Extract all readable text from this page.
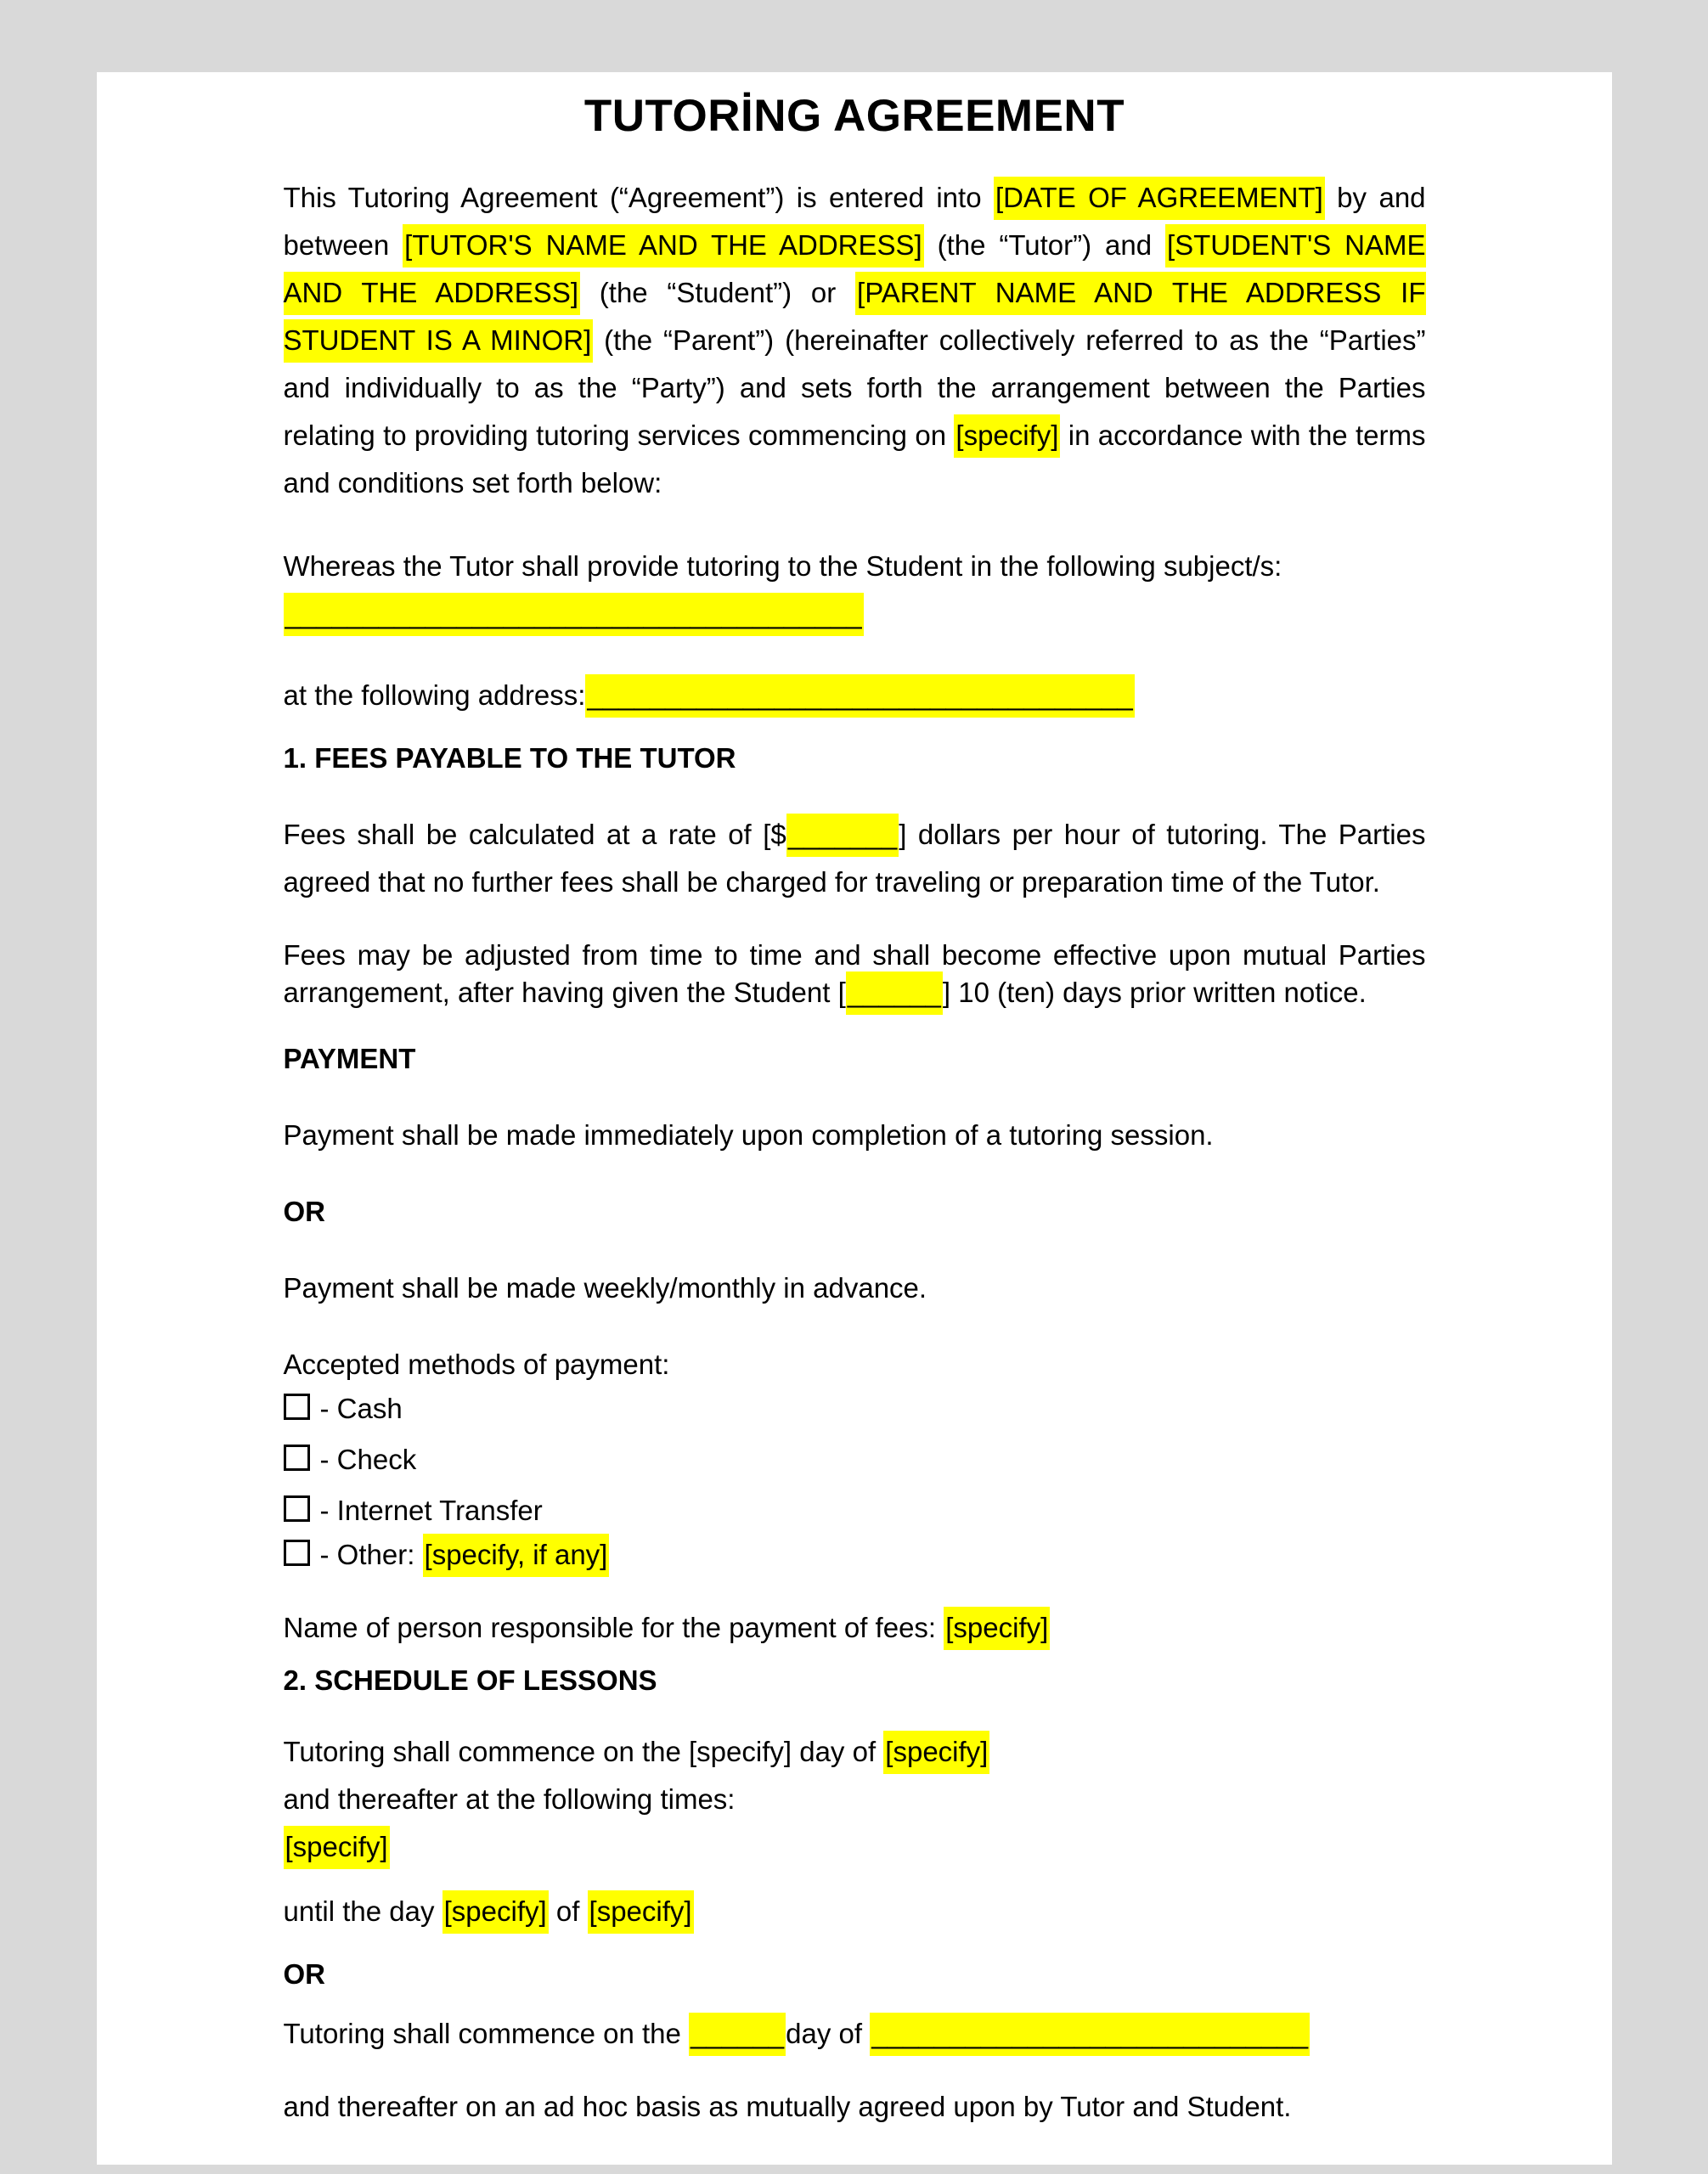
TUTORİNG AGREEMENT

This Tutoring Agreement (“Agreement”) is entered into [DATE OF AGREEMENT] by and between [TUTOR'S NAME AND THE ADDRESS] (the “Tutor”) and [STUDENT'S NAME AND THE ADDRESS] (the “Student”) or [PARENT NAME AND THE ADDRESS IF STUDENT IS A MINOR] (the “Parent”) (hereinafter collectively referred to as the “Parties” and individually to as the “Party”) and sets forth the arrangement between the Parties relating to providing tutoring services commencing on [specify] in accordance with the terms and conditions set forth below:

Whereas the Tutor shall provide tutoring to the Student in the following subject/s:
_____________________________________

at the following address:___________________________________

1. FEES PAYABLE TO THE TUTOR

Fees shall be calculated at a rate of [$_______] dollars per hour of tutoring. The Parties agreed that no further fees shall be charged for traveling or preparation time of the Tutor.

Fees may be adjusted from time to time and shall become effective upon mutual Parties arrangement, after having given the Student [______] 10 (ten) days prior written notice.

PAYMENT

Payment shall be made immediately upon completion of a tutoring session.

OR

Payment shall be made weekly/monthly in advance.

Accepted methods of payment:

- Cash
- Check
- Internet Transfer
- Other: [specify, if any]

Name of person responsible for the payment of fees: [specify]

2. SCHEDULE OF LESSONS

Tutoring shall commence on the [specify] day of [specify]
and thereafter at the following times:
[specify]

until the day [specify] of [specify]

OR

Tutoring shall commence on the ______day of ____________________________

and thereafter on an ad hoc basis as mutually agreed upon by Tutor and Student.
